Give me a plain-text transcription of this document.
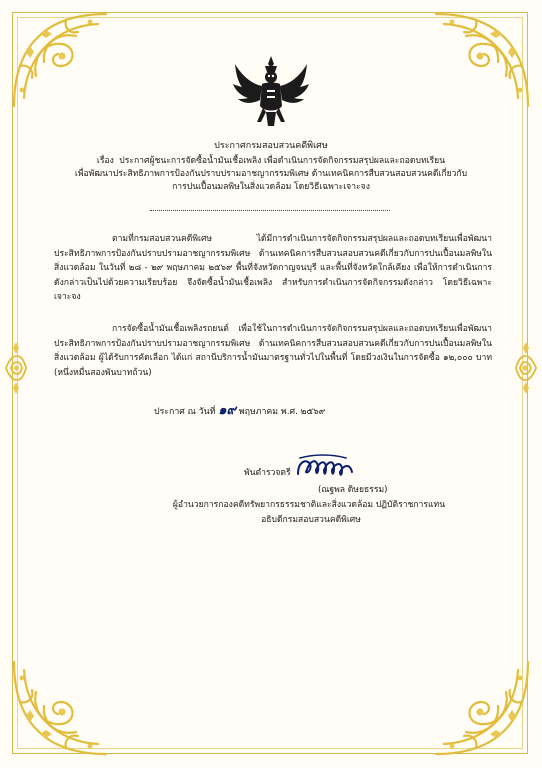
ประกาศกรมสอบสวนคดีพิเศษ
เรื่อง ประกาศผู้ชนะการจัดซื้อน้ำมันเชื้อเพลิง เพื่อดำเนินการจัดกิจกรรมสรุปผลและถอดบทเรียน
เพื่อพัฒนาประสิทธิภาพการป้องกันปราบปรามอาชญากรรมพิเศษ ด้านเทคนิคการสืบสวนสอบสวนคดีเกี่ยวกับ
การปนเปื้อนมลพิษในสิ่งแวดล้อม โดยวิธีเฉพาะเจาะจง
ตามที่กรมสอบสวนคดีพิเศษ ได้มีการดำเนินการจัดกิจกรรมสรุปผลและถอดบทเรียนเพื่อพัฒนาประสิทธิภาพการป้องกันปราบปรามอาชญากรรมพิเศษ ด้านเทคนิคการสืบสวนสอบสวนคดีเกี่ยวกับการปนเปื้อนมลพิษในสิ่งแวดล้อม ในวันที่ ๒๘ - ๒๙ พฤษภาคม ๒๕๖๙ พื้นที่จังหวัดกาญจนบุรี และพื้นที่จังหวัดใกล้เคียง เพื่อให้การดำเนินการดังกล่าวเป็นไปด้วยความเรียบร้อย จึงจัดซื้อน้ำมันเชื้อเพลิง สำหรับการดำเนินการจัดกิจกรรมดังกล่าว โดยวิธีเฉพาะเจาะจง
การจัดซื้อน้ำมันเชื้อเพลิงรถยนต์ เพื่อใช้ในการดำเนินการจัดกิจกรรมสรุปผลและถอดบทเรียนเพื่อพัฒนาประสิทธิภาพการป้องกันปราบปรามอาชญากรรมพิเศษ ด้านเทคนิคการสืบสวนสอบสวนคดีเกี่ยวกับการปนเปื้อนมลพิษในสิ่งแวดล้อม ผู้ได้รับการคัดเลือก ได้แก่ สถานีบริการน้ำมันมาตรฐานทั่วไปในพื้นที่ โดยมีวงเงินในการจัดซื้อ ๑๒,๐๐๐ บาท (หนึ่งหมื่นสองพันบาทถ้วน)
ประกาศ ณ วันที่ ๑๙ พฤษภาคม พ.ศ. ๒๕๖๙
พันตำรวจตรี
(ณฐพล ดิษยธรรม)
ผู้อำนวยการกองคดีทรัพยากรธรรมชาติและสิ่งแวดล้อม ปฏิบัติราชการแทน
อธิบดีกรมสอบสวนคดีพิเศษ
